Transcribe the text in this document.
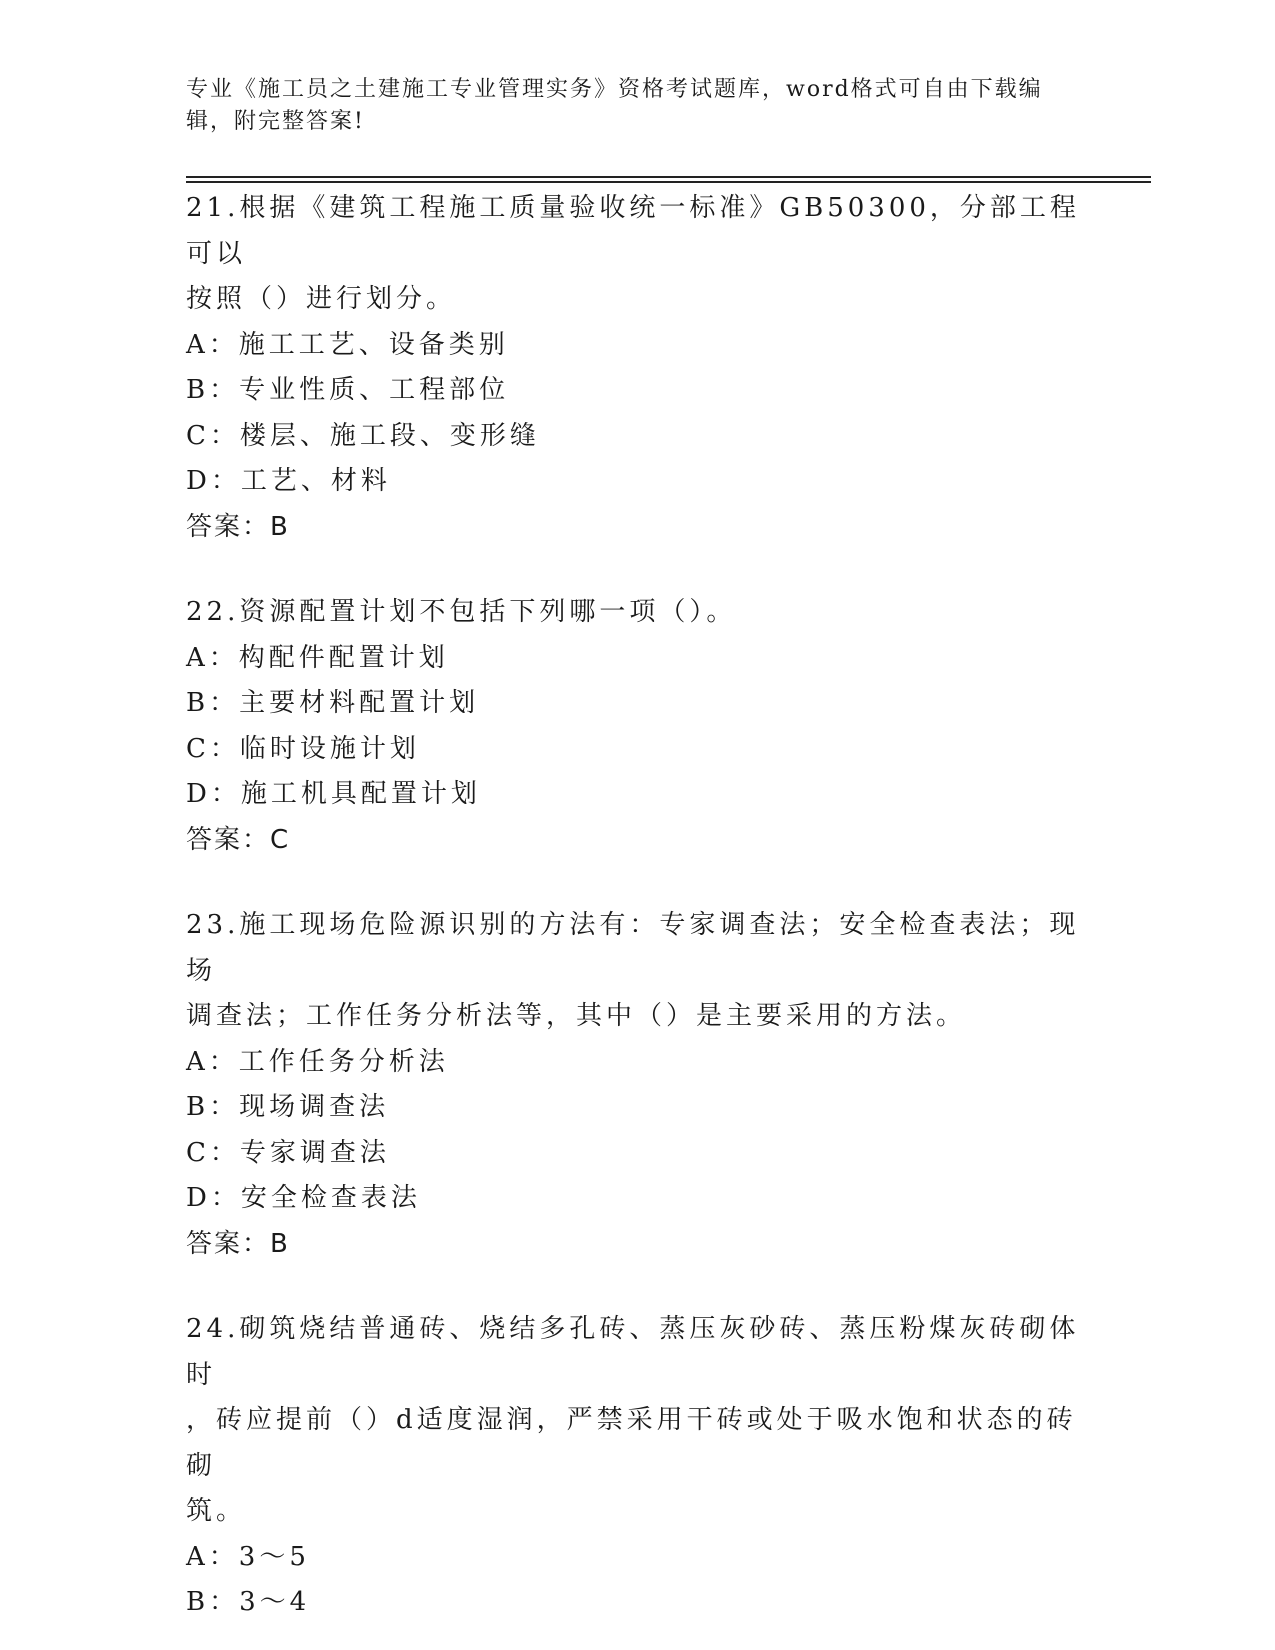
专业《施工员之土建施工专业管理实务》资格考试题库，word格式可自由下载编
辑，附完整答案!
21.根据《建筑工程施工质量验收统一标准》GB50300，分部工程可以
按照（）进行划分。
A：施工工艺、设备类别
B：专业性质、工程部位
C：楼层、施工段、变形缝
D：工艺、材料
答案：B
22.资源配置计划不包括下列哪一项（）。
A：构配件配置计划
B：主要材料配置计划
C：临时设施计划
D：施工机具配置计划
答案：C
23.施工现场危险源识别的方法有：专家调查法；安全检查表法；现场
调查法；工作任务分析法等，其中（）是主要采用的方法。
A：工作任务分析法
B：现场调查法
C：专家调查法
D：安全检查表法
答案：B
24.砌筑烧结普通砖、烧结多孔砖、蒸压灰砂砖、蒸压粉煤灰砖砌体时
，砖应提前（）d适度湿润，严禁采用干砖或处于吸水饱和状态的砖砌
筑。
A：3～5
B：3～4
